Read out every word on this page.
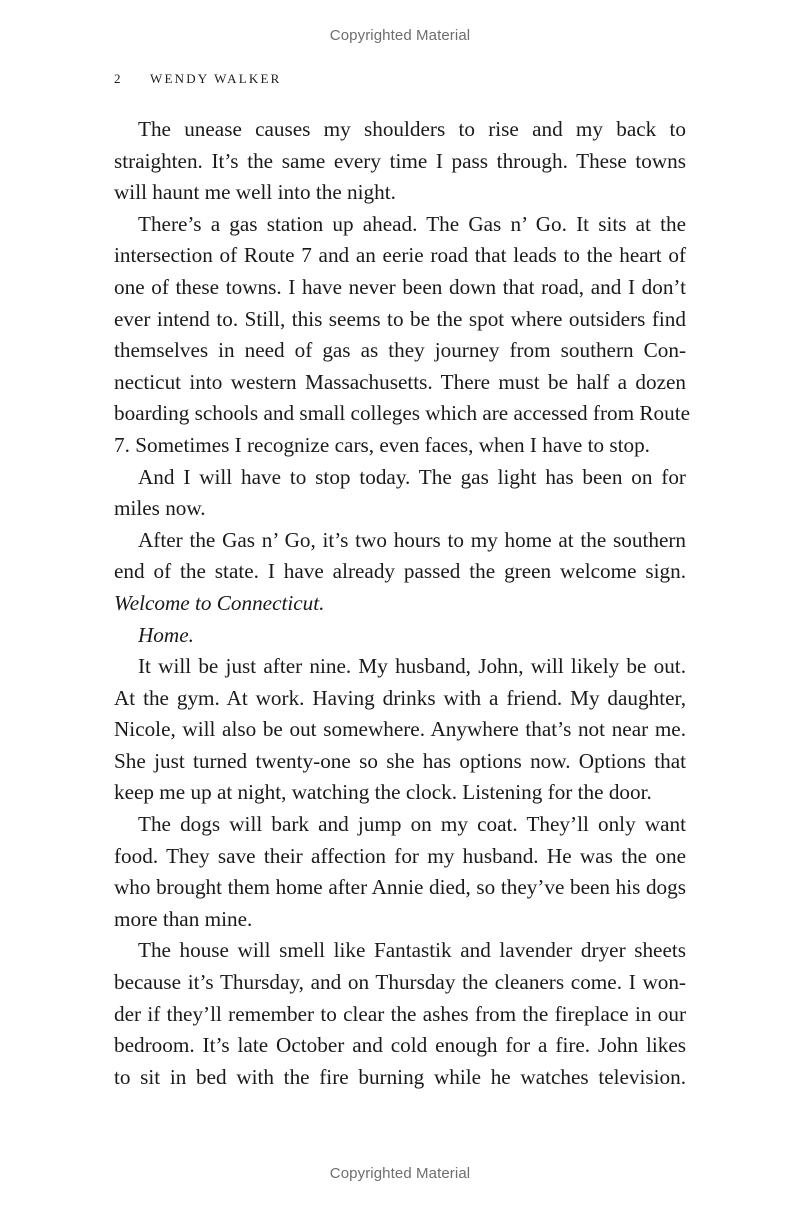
Copyrighted Material
2 WENDY WALKER
The unease causes my shoulders to rise and my back to
straighten. It’s the same every time I pass through. These towns
will haunt me well into the night.
There’s a gas station up ahead. The Gas n’ Go. It sits at the
intersection of Route 7 and an eerie road that leads to the heart of
one of these towns. I have never been down that road, and I don’t
ever intend to. Still, this seems to be the spot where outsiders find
themselves in need of gas as they journey from southern Con-
necticut into western Massachusetts. There must be half a dozen
boarding schools and small colleges which are accessed from Route
7. Sometimes I recognize cars, even faces, when I have to stop.
And I will have to stop today. The gas light has been on for
miles now.
After the Gas n’ Go, it’s two hours to my home at the southern
end of the state. I have already passed the green welcome sign.
Welcome to Connecticut.
Home.
It will be just after nine. My husband, John, will likely be out.
At the gym. At work. Having drinks with a friend. My daughter,
Nicole, will also be out somewhere. Anywhere that’s not near me.
She just turned twenty-one so she has options now. Options that
keep me up at night, watching the clock. Listening for the door.
The dogs will bark and jump on my coat. They’ll only want
food. They save their affection for my husband. He was the one
who brought them home after Annie died, so they’ve been his dogs
more than mine.
The house will smell like Fantastik and lavender dryer sheets
because it’s Thursday, and on Thursday the cleaners come. I won-
der if they’ll remember to clear the ashes from the fireplace in our
bedroom. It’s late October and cold enough for a fire. John likes
to sit in bed with the fire burning while he watches television.
Copyrighted Material
